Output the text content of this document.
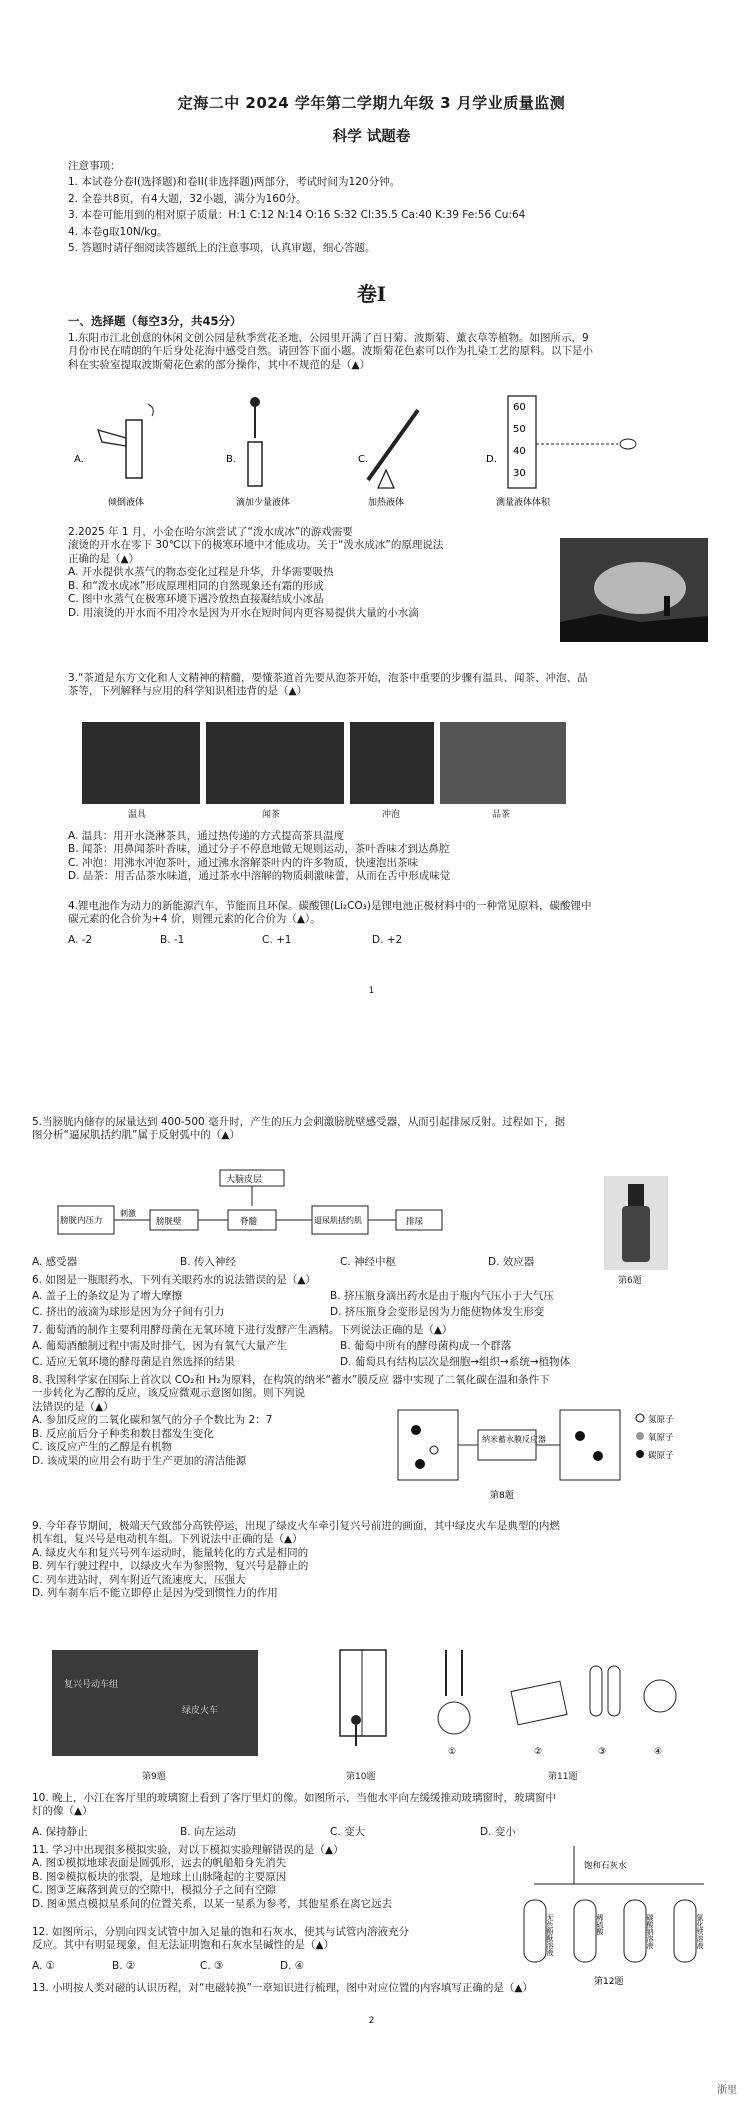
定海二中 2024 学年第二学期九年级 3 月学业质量监测
科学 试题卷
注意事项：
1. 本试卷分卷I(选择题)和卷II(非选择题)两部分，考试时间为120分钟。
2. 全卷共8页，有4大题，32小题，满分为160分。
3. 本卷可能用到的相对原子质量：H:1 C:12 N:14 O:16 S:32 Cl:35.5 Ca:40 K:39 Fe:56 Cu:64
4. 本卷g取10N/kg。
5. 答题时请仔细阅读答题纸上的注意事项，认真审题，细心答题。
卷Ⅰ
一、选择题（每空3分，共45分）
1.东阳市江北创意的休闲文创公园是秋季赏花圣地，公园里开满了百日菊、波斯菊、薰衣草等植物。如图所示，9
月份市民在晴朗的午后身处花海中感受自然。请回答下面小题。波斯菊花色素可以作为扎染工艺的原料。以下是小
科在实验室提取波斯菊花色素的部分操作，其中不规范的是（▲）
A.
倾倒液体
B.
滴加少量液体
C.
加热液体
D.
60
50
40
30
测量液体体积
2.2025 年 1 月，小金在哈尔滨尝试了“泼水成冰”的游戏需要
滚烫的开水在零下 30℃以下的极寒环境中才能成功。关于“泼水成冰”的原理说法
正确的是（▲）
A. 开水提供水蒸气的物态变化过程是升华，升华需要吸热
B. 和“泼水成冰”形成原理相同的自然现象还有霜的形成
C. 图中水蒸气在极寒环境下遇冷放热直接凝结成小冰晶
D. 用滚烫的开水而不用冷水是因为开水在短时间内更容易提供大量的小水滴
3.“茶道是东方文化和人文精神的精髓，要懂茶道首先要从泡茶开始，泡茶中重要的步骤有温具、闻茶、冲泡、品
茶等，下列解释与应用的科学知识相违背的是（▲）
温具	闻茶	冲泡	品茶
A. 温具：用开水浇淋茶具，通过热传递的方式提高茶具温度
B. 闻茶：用鼻闻茶叶香味，通过分子不停息地做无规则运动，茶叶香味才到达鼻腔
C. 冲泡：用沸水冲泡茶叶，通过沸水溶解茶叶内的许多物质，快速泡出茶味
D. 品茶：用舌品茶水味道，通过茶水中溶解的物质刺激味蕾，从而在舌中形成味觉
4.锂电池作为动力的新能源汽车，节能而且环保。碳酸锂(Li₂CO₃)是锂电池正极材料中的一种常见原料，碳酸锂中
碳元素的化合价为+4 价，则锂元素的化合价为（▲）。
A. -2	B. -1	C. +1	D. +2
1
5.当膀胱内储存的尿量达到 400-500 毫升时，产生的压力会刺激膀胱壁感受器，从而引起排尿反射。过程如下，据
图分析“逼尿肌括约肌”属于反射弧中的（▲）
大脑皮层
膀胱内压力
刺激
膀胱壁	脊髓	逼尿肌括约肌	排尿
A. 感受器	B. 传入神经	C. 神经中枢	D. 效应器
第6题
6. 如图是一瓶眼药水，下列有关眼药水的说法错误的是（▲）
A. 盖子上的条纹是为了增大摩擦	B. 挤压瓶身滴出药水是由于瓶内气压小于大气压
C. 挤出的液滴为球形是因为分子间有引力	D. 挤压瓶身会变形是因为力能使物体发生形变
7. 葡萄酒的制作主要利用酵母菌在无氧环境下进行发酵产生酒精。下列说法正确的是（▲）
A. 葡萄酒酿制过程中需及时排气，因为有氧气大量产生	B. 葡萄中所有的酵母菌构成一个群落
C. 适应无氧环境的酵母菌是自然选择的结果	D. 葡萄具有结构层次是细胞→组织→系统→植物体
8. 我国科学家在国际上首次以 CO₂和 H₂为原料，在构筑的纳米“蓄水”膜反应 器中实现了二氧化碳在温和条件下
一步转化为乙醇的反应，该反应微观示意图如图。则下列说
法错误的是（▲）
A. 参加反应的二氧化碳和氢气的分子个数比为 2：7
B. 反应前后分子种类和数目都发生变化
C. 该反应产生的乙醇是有机物
D. 该成果的应用会有助于生产更加的清洁能源
纳米蓄水膜反应器
氢原子
氧原子
碳原子
第8题
9. 今年春节期间，极端天气致部分高铁停运，出现了绿皮火车牵引复兴号前进的画面，其中绿皮火车是典型的内燃
机车组，复兴号是电动机车组。下列说法中正确的是（▲）
A. 绿皮火车和复兴号列车运动时，能量转化的方式是相同的
B. 列车行驶过程中，以绿皮火车为参照物，复兴号是静止的
C. 列车进站时，列车附近气流速度大，压强大
D. 列车刹车后不能立即停止是因为受到惯性力的作用
复兴号动车组
绿皮火车
①	②	③	④
第9题	第10题	第11题
10. 晚上，小江在客厅里的玻璃窗上看到了客厅里灯的像。如图所示，当他水平向左缓缓推动玻璃窗时，玻璃窗中
灯的像（▲）
A. 保持静止	B. 向左运动	C. 变大	D. 变小
11. 学习中出现很多模拟实验，对以下模拟实验理解错误的是（▲）
A. 图①模拟地球表面是圆弧形，远去的帆船船身先消失
B. 图②模拟板块的张裂，是地球上山脉隆起的主要原因
C. 图③芝麻落到黄豆的空隙中，模拟分子之间有空隙
D. 图④黑点模拟星系间的位置关系，以某一星系为参考，其他星系在离它远去
12. 如图所示，分别向四支试管中加入足量的饱和石灰水，使其与试管内溶液充分
反应。其中有明显现象，但无法证明饱和石灰水呈碱性的是（▲）
A. ①	B. ②	C. ③	D. ④
饱和石灰水
无色酚酞溶液	稀硫酸	碳酸钠溶液	氯化铁溶液
第12题
13. 小明按人类对磁的认识历程，对“电磁转换”一章知识进行梳理，图中对应位置的内容填写正确的是（▲）
2
浙里
